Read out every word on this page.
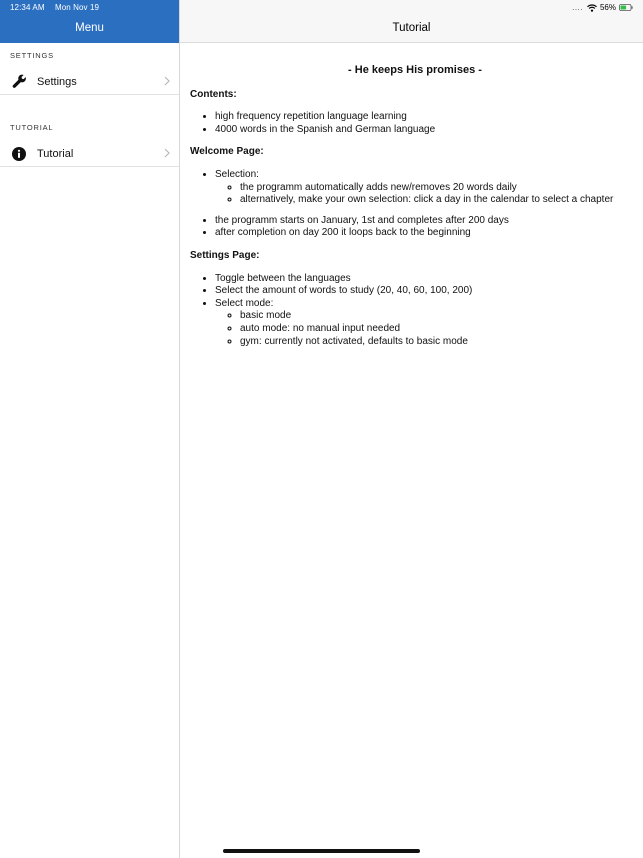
12:34 AM Mon Nov 19
Menu
SETTINGS
Settings
TUTORIAL
Tutorial
.... 56%
Tutorial
- He keeps His promises -
Contents:
• high frequency repetition language learning
• 4000 words in the Spanish and German language
Welcome Page:
• Selection:
◦ the programm automatically adds new/removes 20 words daily
◦ alternatively, make your own selection: click a day in the calendar to select a chapter
• the programm starts on January, 1st and completes after 200 days
• after completion on day 200 it loops back to the beginning
Settings Page:
• Toggle between the languages
• Select the amount of words to study (20, 40, 60, 100, 200)
• Select mode:
◦ basic mode
◦ auto mode: no manual input needed
◦ gym: currently not activated, defaults to basic mode
